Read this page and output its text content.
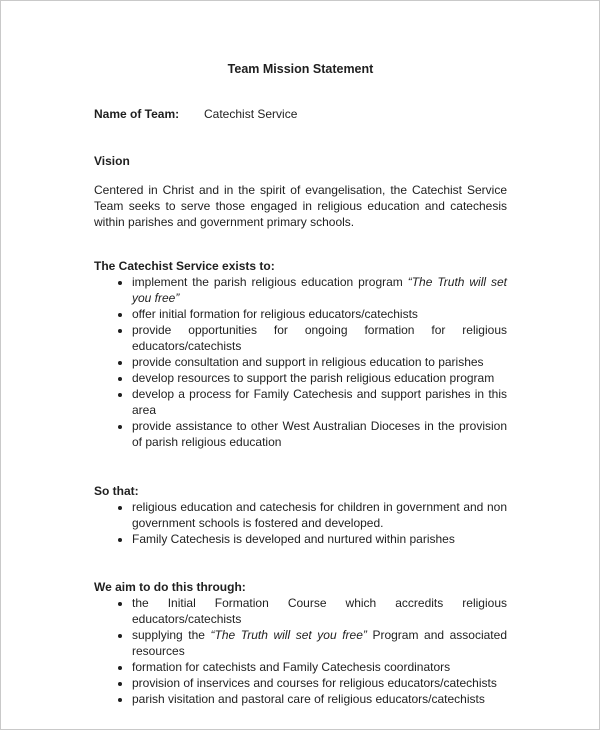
Team Mission Statement
Name of Team:	Catechist Service
Vision

Centered in Christ and in the spirit of evangelisation, the Catechist Service Team seeks to serve those engaged in religious education and catechesis within parishes and government primary schools.

The Catechist Service exists to:
• implement the parish religious education program “The Truth will set you free”
• offer initial formation for religious educators/catechists
• provide opportunities for ongoing formation for religious educators/catechists
• provide consultation and support in religious education to parishes
• develop resources to support the parish religious education program
• develop a process for Family Catechesis and support parishes in this area
• provide assistance to other West Australian Dioceses in the provision of parish religious education
So that:
• religious education and catechesis for children in government and non government schools is fostered and developed.
• Family Catechesis is developed and nurtured within parishes
We aim to do this through:
• the Initial Formation Course which accredits religious educators/catechists
• supplying the “The Truth will set you free” Program and associated resources
• formation for catechists and Family Catechesis coordinators
• provision of inservices and courses for religious educators/catechists
• parish visitation and pastoral care of religious educators/catechists
